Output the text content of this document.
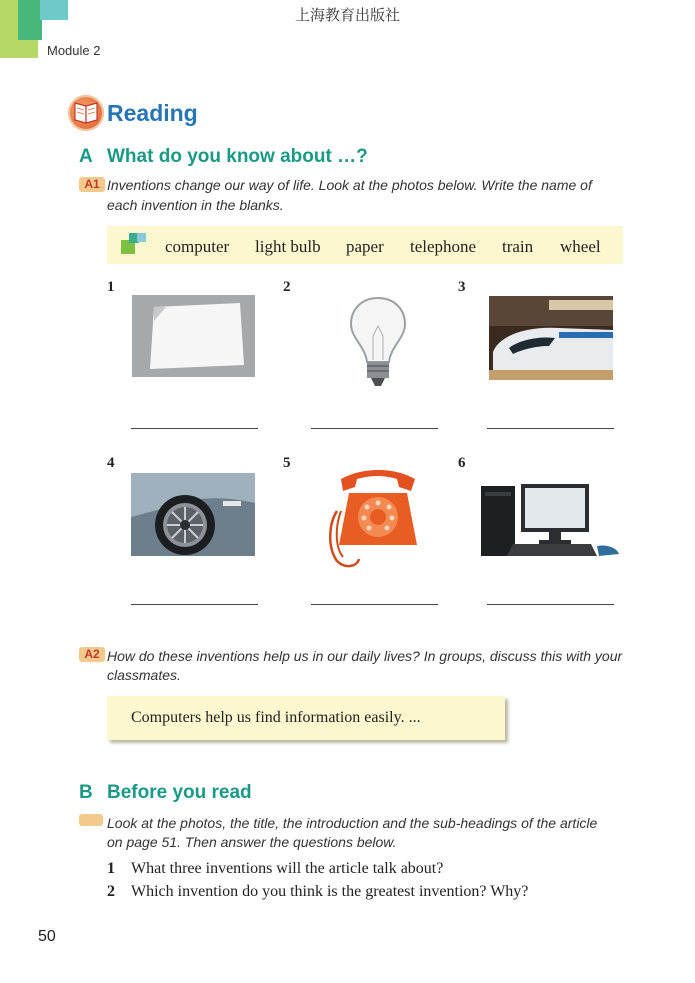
上海教育出版社
Module 2
Reading
A What do you know about …?
A1 Inventions change our way of life. Look at the photos below. Write the name of
each invention in the blanks.
computer light bulb paper telephone train wheel
1	2	3
4	5	6
A2 How do these inventions help us in our daily lives? In groups, discuss this with your
classmates.
Computers help us find information easily. ...
B Before you read
Look at the photos, the title, the introduction and the sub-headings of the article
on page 51. Then answer the questions below.
1 What three inventions will the article talk about?
2 Which invention do you think is the greatest invention? Why?
50
